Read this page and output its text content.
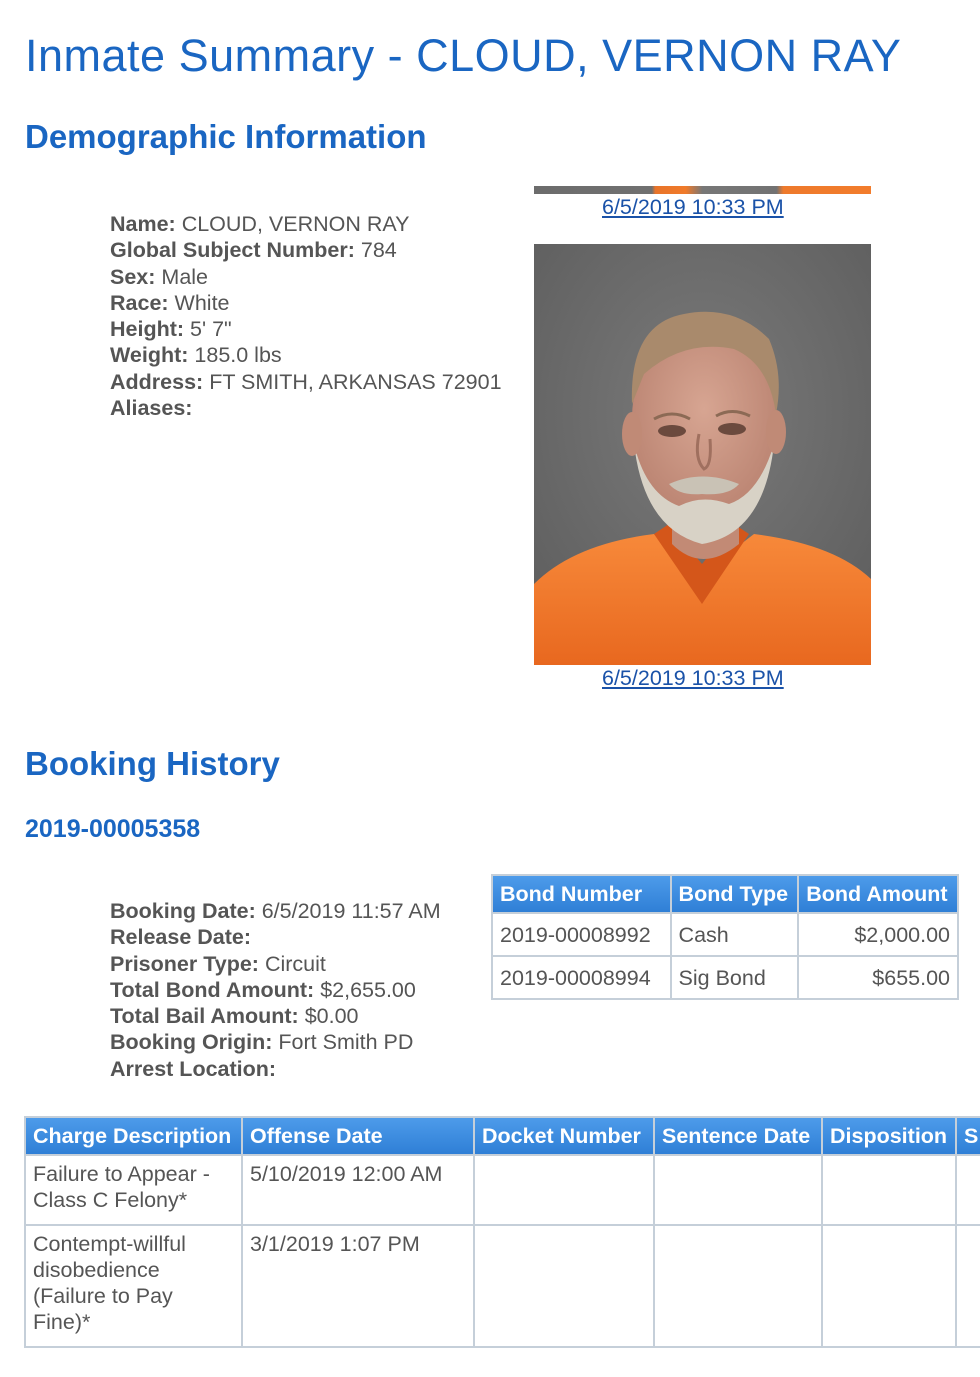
Inmate Summary - CLOUD, VERNON RAY
Demographic Information
Name: CLOUD, VERNON RAY
Global Subject Number: 784
Sex: Male
Race: White
Height: 5' 7"
Weight: 185.0 lbs
Address: FT SMITH, ARKANSAS 72901
Aliases:
6/5/2019 10:33 PM
6/5/2019 10:33 PM
Booking History
2019-00005358
Booking Date: 6/5/2019 11:57 AM
Release Date:
Prisoner Type: Circuit
Total Bond Amount: $2,655.00
Total Bail Amount: $0.00
Booking Origin: Fort Smith PD
Arrest Location:
Bond Number	Bond Type	Bond Amount
2019-00008992	Cash	$2,000.00
2019-00008994	Sig Bond	$655.00
Charge Description	Offense Date	Docket Number	Sentence Date	Disposition	S
Failure to Appear - Class C Felony*	5/10/2019 12:00 AM				
Contempt-willful disobedience (Failure to Pay Fine)*	3/1/2019 1:07 PM				
